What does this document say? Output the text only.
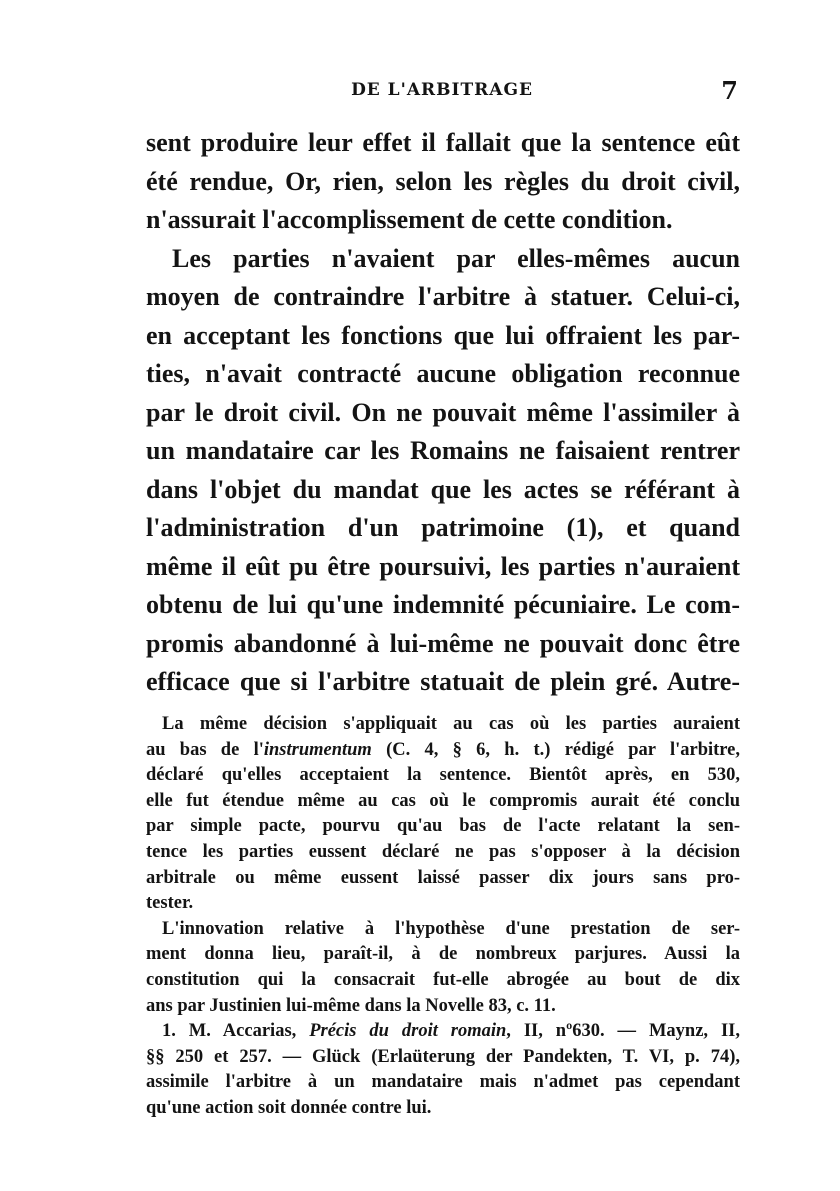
DE L'ARBITRAGE	7
sent produire leur effet il fallait que la sentence eût
été rendue, Or, rien, selon les règles du droit civil,
n'assurait l'accomplissement de cette condition.
Les parties n'avaient par elles-mêmes aucun
moyen de contraindre l'arbitre à statuer. Celui-ci,
en acceptant les fonctions que lui offraient les par-
ties, n'avait contracté aucune obligation reconnue
par le droit civil. On ne pouvait même l'assimiler à
un mandataire car les Romains ne faisaient rentrer
dans l'objet du mandat que les actes se référant à
l'administration d'un patrimoine (1), et quand
même il eût pu être poursuivi, les parties n'auraient
obtenu de lui qu'une indemnité pécuniaire. Le com-
promis abandonné à lui-même ne pouvait donc être
efficace que si l'arbitre statuait de plein gré. Autre-
La même décision s'appliquait au cas où les parties auraient
au bas de l'instrumentum (C. 4, § 6, h. t.) rédigé par l'arbitre,
déclaré qu'elles acceptaient la sentence. Bientôt après, en 530,
elle fut étendue même au cas où le compromis aurait été conclu
par simple pacte, pourvu qu'au bas de l'acte relatant la sen-
tence les parties eussent déclaré ne pas s'opposer à la décision
arbitrale ou même eussent laissé passer dix jours sans pro-
tester.
L'innovation relative à l'hypothèse d'une prestation de ser-
ment donna lieu, paraît-il, à de nombreux parjures. Aussi la
constitution qui la consacrait fut-elle abrogée au bout de dix
ans par Justinien lui-même dans la Novelle 83, c. 11.
1. M. Accarias, Précis du droit romain, II, nº630. — Maynz, II,
§§ 250 et 257. — Glück (Erlaüterung der Pandekten, T. VI, p. 74),
assimile l'arbitre à un mandataire mais n'admet pas cependant
qu'une action soit donnée contre lui.
